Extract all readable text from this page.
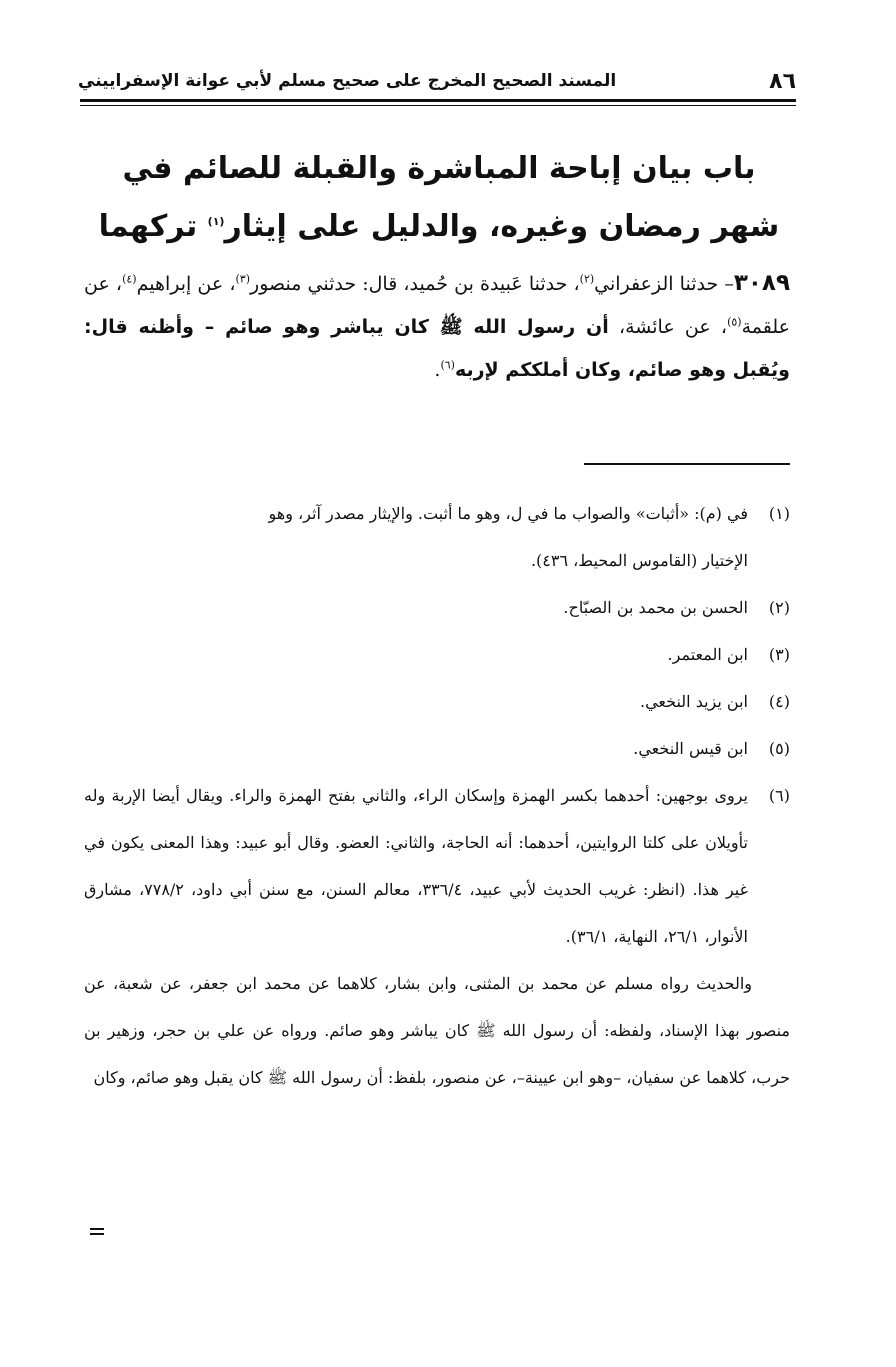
٨٦
المسند الصحيح المخرج على صحيح مسلم لأبي عوانة الإسفراييني
باب بيان إباحة المباشرة والقبلة للصائم في شهر رمضان وغيره، والدليل على إيثار$^{(١)}$ تركهما
٣٠٨٩– حدثنا الزعفراني$^{(٢)}$، حدثنا عَبيدة بن حُميد، قال: حدثني منصور$^{(٣)}$، عن إبراهيم$^{(٤)}$، عن علقمة$^{(٥)}$، عن عائشة، أن رسول الله ﷺ كان يباشر وهو صائم – وأظنه قال: ويُقبل وهو صائم، وكان أملككم لإربه$^{(٦)}$.

(١)
في (م): «أثبات» والصواب ما في ل، وهو ما أثبت. والإيثار مصدر آثر، وهو
الإختيار (القاموس المحيط، ٤٣٦).

(٢)
الحسن بن محمد بن الصبّاح.

(٣)
ابن المعتمر.

(٤)
ابن يزيد النخعي.

(٥)
ابن قيس النخعي.

(٦)
يروى بوجهين: أحدهما بكسر الهمزة وإسكان الراء، والثاني بفتح الهمزة والراء. ويقال أيضا الإربة وله تأويلان على كلتا الروايتين، أحدهما: أنه الحاجة، والثاني: العضو. وقال أبو عبيد: وهذا المعنى يكون في غير هذا. (انظر: غريب الحديث لأبي عبيد، ٣٣٦/٤، معالم السنن، مع سنن أبي داود، ٧٧٨/٢، مشارق الأنوار، ٢٦/١، النهاية، ٣٦/١).

والحديث رواه مسلم عن محمد بن المثنى، وابن بشار، كلاهما عن محمد ابن جعفر، عن شعبة، عن منصور بهذا الإسناد، ولفظه: أن رسول الله ﷺ كان يباشر وهو صائم. ورواه عن علي بن حجر، وزهير بن حرب، كلاهما عن سفيان، –وهو ابن عيينة–، عن منصور، بلفظ: أن رسول الله ﷺ كان يقبل وهو صائم، وكان
